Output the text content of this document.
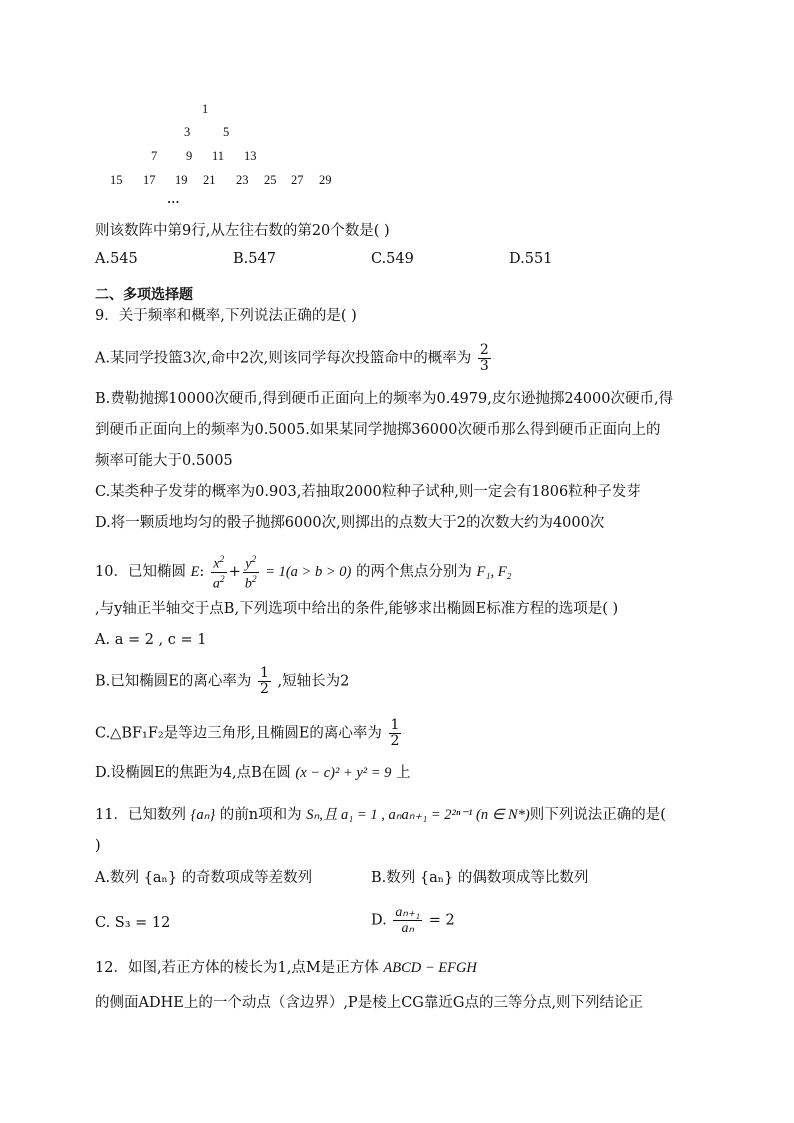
1
3	5
7 9 11 13
15 17 19 21 23 25 27 29
…
则该数阵中第9行,从左往右数的第20个数是( )
A.545	B.547	C.549	D.551
二、多项选择题
9．关于频率和概率,下列说法正确的是( )
A.某同学投篮3次,命中2次,则该同学每次投篮命中的概率为 $\frac{2}{3}$
B.费勒抛掷10000次硬币,得到硬币正面向上的频率为0.4979,皮尔逊抛掷24000次硬币,得
到硬币正面向上的频率为0.5005.如果某同学抛掷36000次硬币那么得到硬币正面向上的
频率可能大于0.5005
C.某类种子发芽的概率为0.903,若抽取2000粒种子试种,则一定会有1806粒种子发芽
D.将一颗质地均匀的骰子抛掷6000次,则掷出的点数大于2的次数大约为4000次
10．已知椭圆 E: $\frac{x^2}{a^2} + \frac{y^2}{b^2} = 1(a > b > 0)$ 的两个焦点分别为 F₁, F₂
,与y轴正半轴交于点B,下列选项中给出的条件,能够求出椭圆E标准方程的选项是( )
A. a = 2 , c = 1
B.已知椭圆E的离心率为 $\frac{1}{2}$ ,短轴长为2
C.△BF₁F₂是等边三角形,且椭圆E的离心率为 $\frac{1}{2}$
D.设椭圆E的焦距为4,点B在圆 (x − c)² + y² = 9 上
11．已知数列 {aₙ} 的前n项和为 Sₙ,且 a₁ = 1 , aₙaₙ₊₁ = 2²ⁿ⁻¹ (n ∈ N*)则下列说法正确的是(
)
A.数列 {aₙ} 的奇数项成等差数列	B.数列 {aₙ} 的偶数项成等比数列
C. S₃ = 12	D. $\frac{\text{aₙ₊₁}}{\text{aₙ}} = 2$
12．如图,若正方体的棱长为1,点M是正方体 ABCD − EFGH
的侧面ADHE上的一个动点（含边界）,P是棱上CG靠近G点的三等分点,则下列结论正
